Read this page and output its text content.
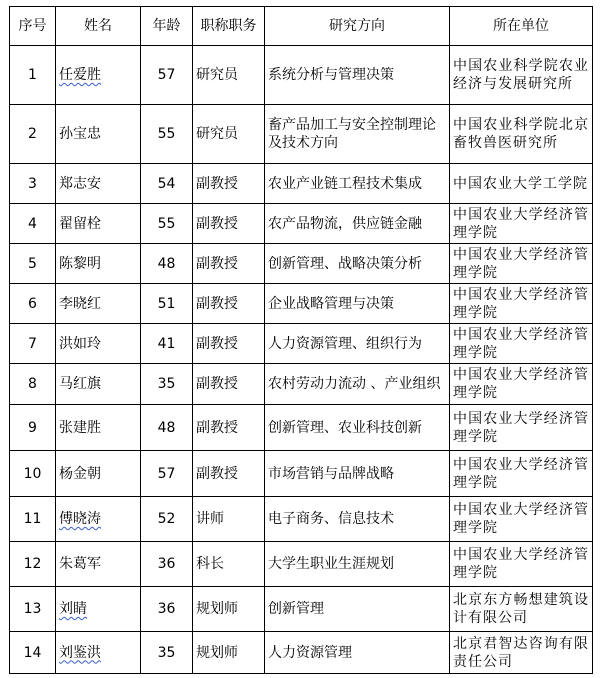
序号	姓名	年龄	职称职务	研究方向	所在单位
1	任爱胜	57	研究员	系统分析与管理决策	中国农业科学院农业经济与发展研究所
2	孙宝忠	55	研究员	畜产品加工与安全控制理论及技术方向	中国农业科学院北京畜牧兽医研究所
3	郑志安	54	副教授	农业产业链工程技术集成	中国农业大学工学院
4	翟留栓	55	副教授	农产品物流，供应链金融	中国农业大学经济管理学院
5	陈黎明	48	副教授	创新管理、战略决策分析	中国农业大学经济管理学院
6	李晓红	51	副教授	企业战略管理与决策	中国农业大学经济管理学院
7	洪如玲	41	副教授	人力资源管理、组织行为	中国农业大学经济管理学院
8	马红旗	35	副教授	农村劳动力流动 、产业组织	中国农业大学经济管理学院
9	张建胜	48	副教授	创新管理、农业科技创新	中国农业大学经济管理学院
10	杨金朝	57	副教授	市场营销与品牌战略	中国农业大学经济管理学院
11	傅晓涛	52	讲师	电子商务、信息技术	中国农业大学经济管理学院
12	朱葛军	36	科长	大学生职业生涯规划	中国农业大学经济管理学院
13	刘睛	36	规划师	创新管理	北京东方畅想建筑设计有限公司
14	刘鉴洪	35	规划师	人力资源管理	北京君智达咨询有限责任公司
